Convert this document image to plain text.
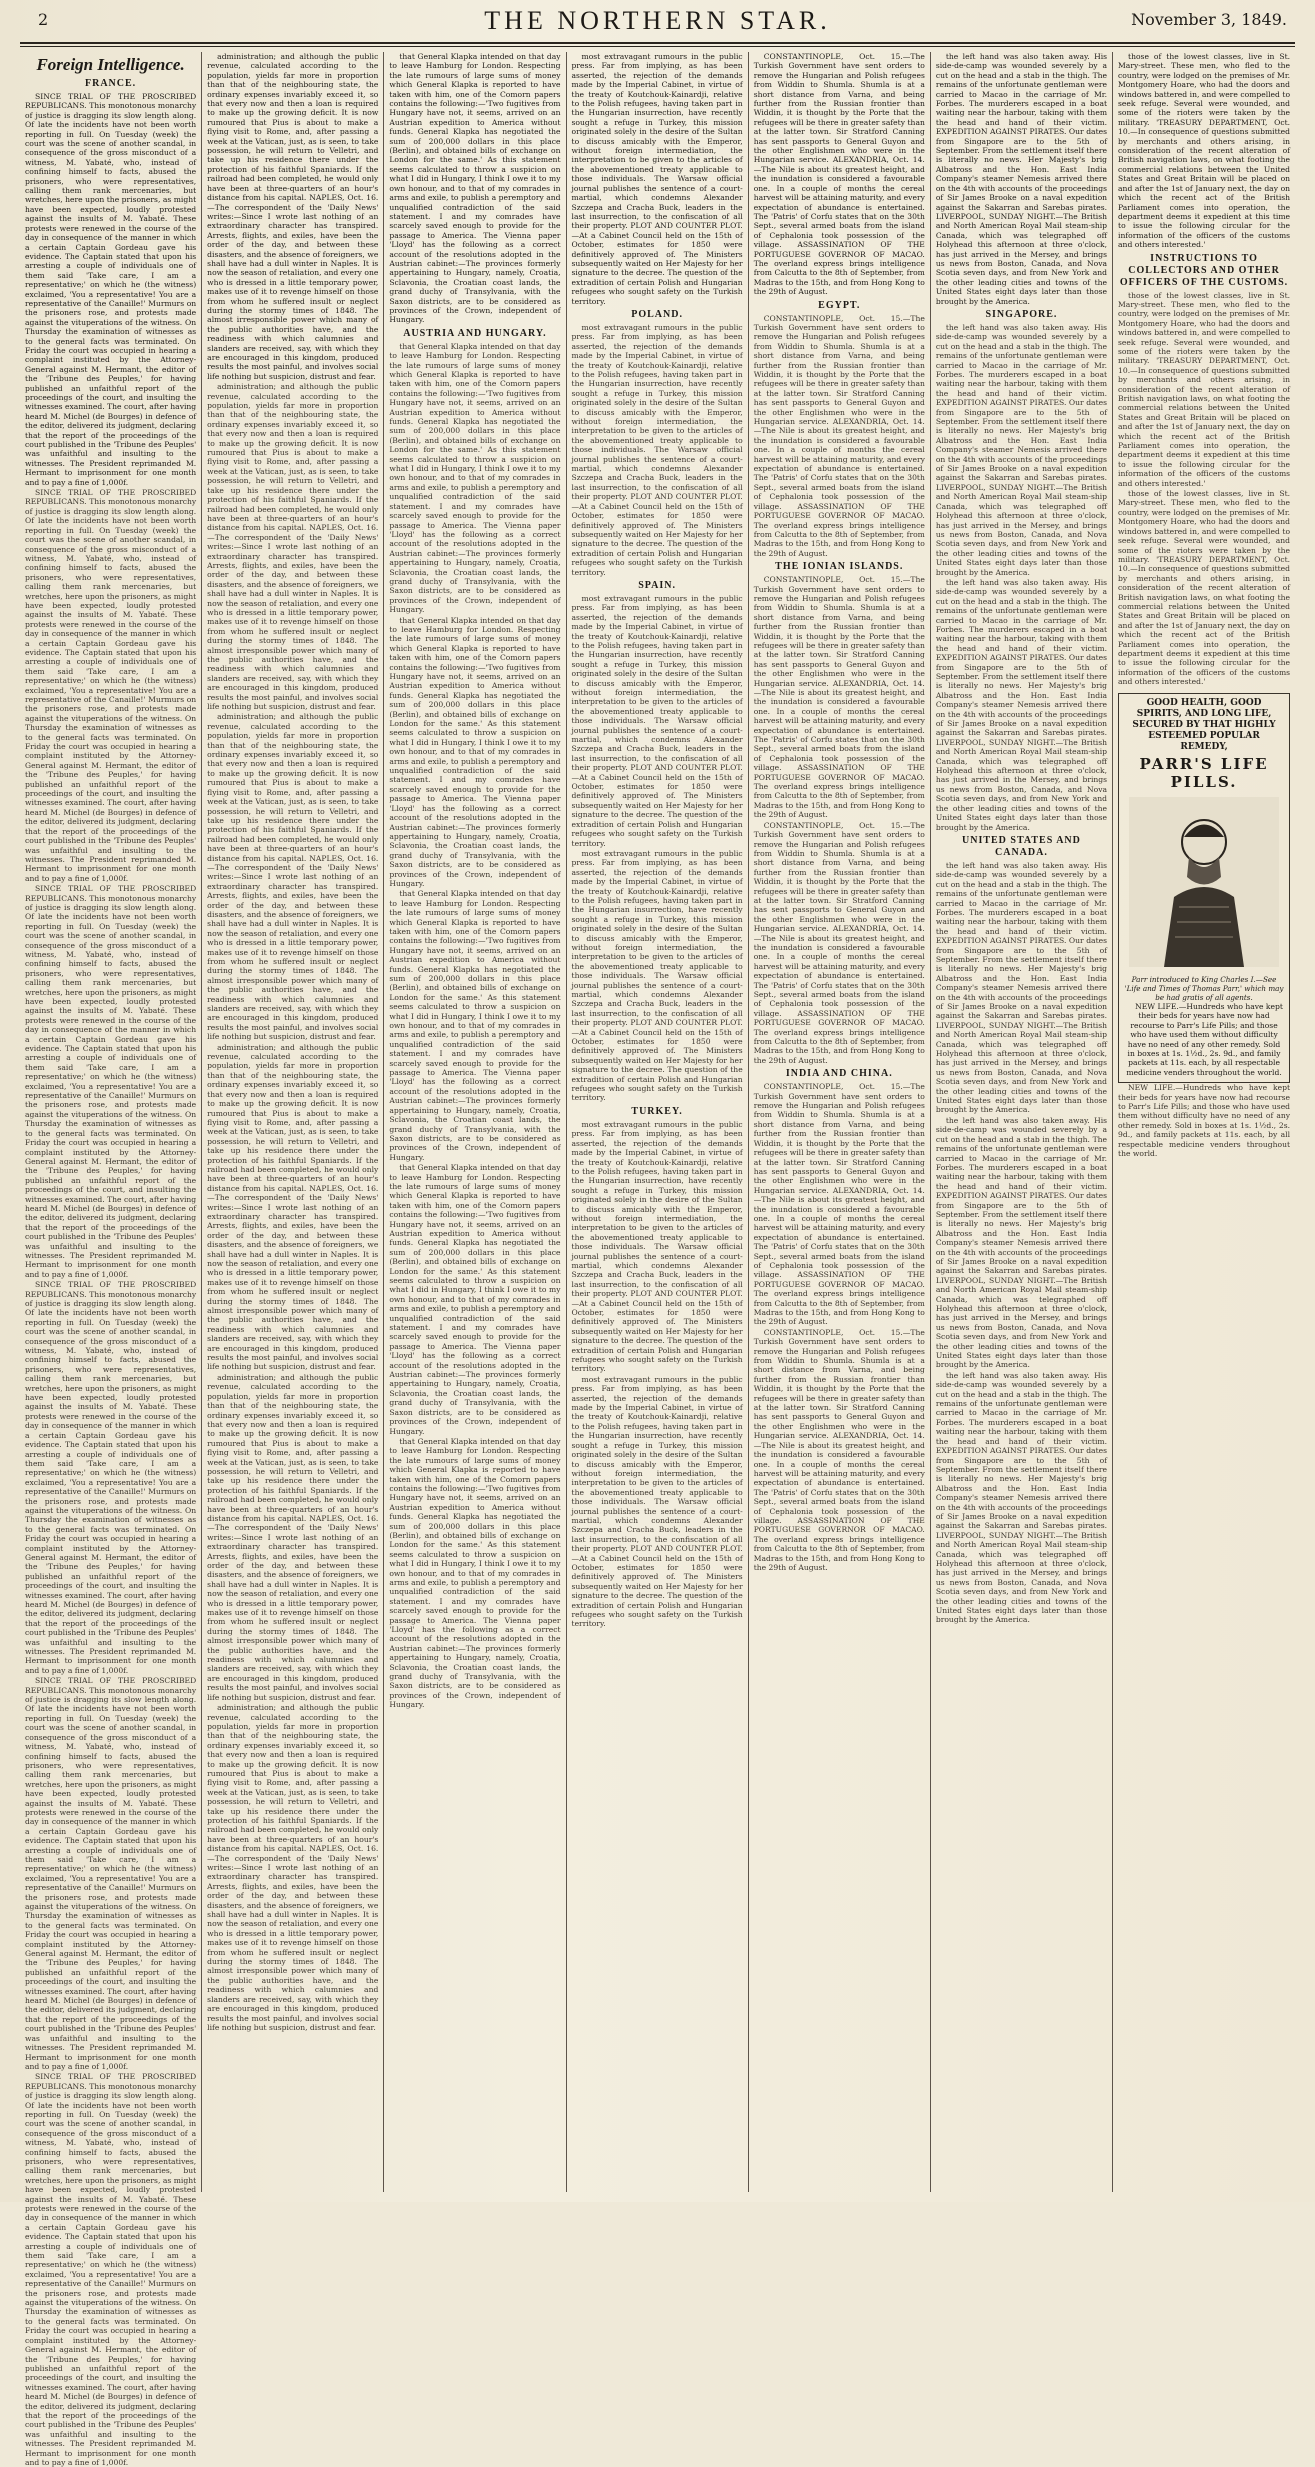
2	THE NORTHERN STAR.	November 3, 1849.
Foreign Intelligence.
FRANCE.

SINCE TRIAL OF THE PROSCRIBED REPUBLICANS. This monotonous monarchy of justice is dragging its slow length along. Of late the incidents have not been worth reporting in full. On Tuesday (week) the court was the scene of another scandal, in consequence of the gross misconduct of a witness, M. Yabaté, who, instead of confining himself to facts, abused the prisoners, who were representatives, calling them rank mercenaries, but wretches, here upon the prisoners, as might have been expected, loudly protested against the insults of M. Yabaté. These protests were renewed in the course of the day in consequence of the manner in which a certain Captain Gordeau gave his evidence. The Captain stated that upon his arresting a couple of individuals one of them said 'Take care, I am a representative;' on which he (the witness) exclaimed, 'You a representative! You are a representative of the Canaille!' Murmurs on the prisoners rose, and protests made against the vituperations of the witness. On Thursday the examination of witnesses as to the general facts was terminated. On Friday the court was occupied in hearing a complaint instituted by the Attorney-General against M. Hermant, the editor of the 'Tribune des Peuples,' for having published an unfaithful report of the proceedings of the court, and insulting the witnesses examined. The court, after having heard M. Michel (de Bourges) in defence of the editor, delivered its judgment, declaring that the report of the proceedings of the court published in the 'Tribune des Peuples' was unfaithful and insulting to the witnesses. The President reprimanded M. Hermant to imprisonment for one month and to pay a fine of 1,000f.

SINCE TRIAL OF THE PROSCRIBED REPUBLICANS. This monotonous monarchy of justice is dragging its slow length along. Of late the incidents have not been worth reporting in full. On Tuesday (week) the court was the scene of another scandal, in consequence of the gross misconduct of a witness, M. Yabaté, who, instead of confining himself to facts, abused the prisoners, who were representatives, calling them rank mercenaries, but wretches, here upon the prisoners, as might have been expected, loudly protested against the insults of M. Yabaté. These protests were renewed in the course of the day in consequence of the manner in which a certain Captain Gordeau gave his evidence. The Captain stated that upon his arresting a couple of individuals one of them said 'Take care, I am a representative;' on which he (the witness) exclaimed, 'You a representative! You are a representative of the Canaille!' Murmurs on the prisoners rose, and protests made against the vituperations of the witness. On Thursday the examination of witnesses as to the general facts was terminated. On Friday the court was occupied in hearing a complaint instituted by the Attorney-General against M. Hermant, the editor of the 'Tribune des Peuples,' for having published an unfaithful report of the proceedings of the court, and insulting the witnesses examined. The court, after having heard M. Michel (de Bourges) in defence of the editor, delivered its judgment, declaring that the report of the proceedings of the court published in the 'Tribune des Peuples' was unfaithful and insulting to the witnesses. The President reprimanded M. Hermant to imprisonment for one month and to pay a fine of 1,000f.

SINCE TRIAL OF THE PROSCRIBED REPUBLICANS. This monotonous monarchy of justice is dragging its slow length along. Of late the incidents have not been worth reporting in full. On Tuesday (week) the court was the scene of another scandal, in consequence of the gross misconduct of a witness, M. Yabaté, who, instead of confining himself to facts, abused the prisoners, who were representatives, calling them rank mercenaries, but wretches, here upon the prisoners, as might have been expected, loudly protested against the insults of M. Yabaté. These protests were renewed in the course of the day in consequence of the manner in which a certain Captain Gordeau gave his evidence. The Captain stated that upon his arresting a couple of individuals one of them said 'Take care, I am a representative;' on which he (the witness) exclaimed, 'You a representative! You are a representative of the Canaille!' Murmurs on the prisoners rose, and protests made against the vituperations of the witness. On Thursday the examination of witnesses as to the general facts was terminated. On Friday the court was occupied in hearing a complaint instituted by the Attorney-General against M. Hermant, the editor of the 'Tribune des Peuples,' for having published an unfaithful report of the proceedings of the court, and insulting the witnesses examined. The court, after having heard M. Michel (de Bourges) in defence of the editor, delivered its judgment, declaring that the report of the proceedings of the court published in the 'Tribune des Peuples' was unfaithful and insulting to the witnesses. The President reprimanded M. Hermant to imprisonment for one month and to pay a fine of 1,000f.

SINCE TRIAL OF THE PROSCRIBED REPUBLICANS. This monotonous monarchy of justice is dragging its slow length along. Of late the incidents have not been worth reporting in full. On Tuesday (week) the court was the scene of another scandal, in consequence of the gross misconduct of a witness, M. Yabaté, who, instead of confining himself to facts, abused the prisoners, who were representatives, calling them rank mercenaries, but wretches, here upon the prisoners, as might have been expected, loudly protested against the insults of M. Yabaté. These protests were renewed in the course of the day in consequence of the manner in which a certain Captain Gordeau gave his evidence. The Captain stated that upon his arresting a couple of individuals one of them said 'Take care, I am a representative;' on which he (the witness) exclaimed, 'You a representative! You are a representative of the Canaille!' Murmurs on the prisoners rose, and protests made against the vituperations of the witness. On Thursday the examination of witnesses as to the general facts was terminated. On Friday the court was occupied in hearing a complaint instituted by the Attorney-General against M. Hermant, the editor of the 'Tribune des Peuples,' for having published an unfaithful report of the proceedings of the court, and insulting the witnesses examined. The court, after having heard M. Michel (de Bourges) in defence of the editor, delivered its judgment, declaring that the report of the proceedings of the court published in the 'Tribune des Peuples' was unfaithful and insulting to the witnesses. The President reprimanded M. Hermant to imprisonment for one month and to pay a fine of 1,000f.

SINCE TRIAL OF THE PROSCRIBED REPUBLICANS. This monotonous monarchy of justice is dragging its slow length along. Of late the incidents have not been worth reporting in full. On Tuesday (week) the court was the scene of another scandal, in consequence of the gross misconduct of a witness, M. Yabaté, who, instead of confining himself to facts, abused the prisoners, who were representatives, calling them rank mercenaries, but wretches, here upon the prisoners, as might have been expected, loudly protested against the insults of M. Yabaté. These protests were renewed in the course of the day in consequence of the manner in which a certain Captain Gordeau gave his evidence. The Captain stated that upon his arresting a couple of individuals one of them said 'Take care, I am a representative;' on which he (the witness) exclaimed, 'You a representative! You are a representative of the Canaille!' Murmurs on the prisoners rose, and protests made against the vituperations of the witness. On Thursday the examination of witnesses as to the general facts was terminated. On Friday the court was occupied in hearing a complaint instituted by the Attorney-General against M. Hermant, the editor of the 'Tribune des Peuples,' for having published an unfaithful report of the proceedings of the court, and insulting the witnesses examined. The court, after having heard M. Michel (de Bourges) in defence of the editor, delivered its judgment, declaring that the report of the proceedings of the court published in the 'Tribune des Peuples' was unfaithful and insulting to the witnesses. The President reprimanded M. Hermant to imprisonment for one month and to pay a fine of 1,000f.

SINCE TRIAL OF THE PROSCRIBED REPUBLICANS. This monotonous monarchy of justice is dragging its slow length along. Of late the incidents have not been worth reporting in full. On Tuesday (week) the court was the scene of another scandal, in consequence of the gross misconduct of a witness, M. Yabaté, who, instead of confining himself to facts, abused the prisoners, who were representatives, calling them rank mercenaries, but wretches, here upon the prisoners, as might have been expected, loudly protested against the insults of M. Yabaté. These protests were renewed in the course of the day in consequence of the manner in which a certain Captain Gordeau gave his evidence. The Captain stated that upon his arresting a couple of individuals one of them said 'Take care, I am a representative;' on which he (the witness) exclaimed, 'You a representative! You are a representative of the Canaille!' Murmurs on the prisoners rose, and protests made against the vituperations of the witness. On Thursday the examination of witnesses as to the general facts was terminated. On Friday the court was occupied in hearing a complaint instituted by the Attorney-General against M. Hermant, the editor of the 'Tribune des Peuples,' for having published an unfaithful report of the proceedings of the court, and insulting the witnesses examined. The court, after having heard M. Michel (de Bourges) in defence of the editor, delivered its judgment, declaring that the report of the proceedings of the court published in the 'Tribune des Peuples' was unfaithful and insulting to the witnesses. The President reprimanded M. Hermant to imprisonment for one month and to pay a fine of 1,000f.

administration; and although the public revenue, calculated according to the population, yields far more in proportion than that of the neighbouring state, the ordinary expenses invariably exceed it, so that every now and then a loan is required to make up the growing deficit. It is now rumoured that Pius is about to make a flying visit to Rome, and, after passing a week at the Vatican, just, as is seen, to take possession, he will return to Velletri, and take up his residence there under the protection of his faithful Spaniards. If the railroad had been completed, he would only have been at three-quarters of an hour's distance from his capital. NAPLES, Oct. 16.—The correspondent of the 'Daily News' writes:—Since I wrote last nothing of an extraordinary character has transpired. Arrests, flights, and exiles, have been the order of the day, and between these disasters, and the absence of foreigners, we shall have had a dull winter in Naples. It is now the season of retaliation, and every one who is dressed in a little temporary power, makes use of it to revenge himself on those from whom he suffered insult or neglect during the stormy times of 1848. The almost irresponsible power which many of the public authorities have, and the readiness with which calumnies and slanders are received, say, with which they are encouraged in this kingdom, produced results the most painful, and involves social life nothing but suspicion, distrust and fear.

administration; and although the public revenue, calculated according to the population, yields far more in proportion than that of the neighbouring state, the ordinary expenses invariably exceed it, so that every now and then a loan is required to make up the growing deficit. It is now rumoured that Pius is about to make a flying visit to Rome, and, after passing a week at the Vatican, just, as is seen, to take possession, he will return to Velletri, and take up his residence there under the protection of his faithful Spaniards. If the railroad had been completed, he would only have been at three-quarters of an hour's distance from his capital. NAPLES, Oct. 16.—The correspondent of the 'Daily News' writes:—Since I wrote last nothing of an extraordinary character has transpired. Arrests, flights, and exiles, have been the order of the day, and between these disasters, and the absence of foreigners, we shall have had a dull winter in Naples. It is now the season of retaliation, and every one who is dressed in a little temporary power, makes use of it to revenge himself on those from whom he suffered insult or neglect during the stormy times of 1848. The almost irresponsible power which many of the public authorities have, and the readiness with which calumnies and slanders are received, say, with which they are encouraged in this kingdom, produced results the most painful, and involves social life nothing but suspicion, distrust and fear.

administration; and although the public revenue, calculated according to the population, yields far more in proportion than that of the neighbouring state, the ordinary expenses invariably exceed it, so that every now and then a loan is required to make up the growing deficit. It is now rumoured that Pius is about to make a flying visit to Rome, and, after passing a week at the Vatican, just, as is seen, to take possession, he will return to Velletri, and take up his residence there under the protection of his faithful Spaniards. If the railroad had been completed, he would only have been at three-quarters of an hour's distance from his capital. NAPLES, Oct. 16.—The correspondent of the 'Daily News' writes:—Since I wrote last nothing of an extraordinary character has transpired. Arrests, flights, and exiles, have been the order of the day, and between these disasters, and the absence of foreigners, we shall have had a dull winter in Naples. It is now the season of retaliation, and every one who is dressed in a little temporary power, makes use of it to revenge himself on those from whom he suffered insult or neglect during the stormy times of 1848. The almost irresponsible power which many of the public authorities have, and the readiness with which calumnies and slanders are received, say, with which they are encouraged in this kingdom, produced results the most painful, and involves social life nothing but suspicion, distrust and fear.

administration; and although the public revenue, calculated according to the population, yields far more in proportion than that of the neighbouring state, the ordinary expenses invariably exceed it, so that every now and then a loan is required to make up the growing deficit. It is now rumoured that Pius is about to make a flying visit to Rome, and, after passing a week at the Vatican, just, as is seen, to take possession, he will return to Velletri, and take up his residence there under the protection of his faithful Spaniards. If the railroad had been completed, he would only have been at three-quarters of an hour's distance from his capital. NAPLES, Oct. 16.—The correspondent of the 'Daily News' writes:—Since I wrote last nothing of an extraordinary character has transpired. Arrests, flights, and exiles, have been the order of the day, and between these disasters, and the absence of foreigners, we shall have had a dull winter in Naples. It is now the season of retaliation, and every one who is dressed in a little temporary power, makes use of it to revenge himself on those from whom he suffered insult or neglect during the stormy times of 1848. The almost irresponsible power which many of the public authorities have, and the readiness with which calumnies and slanders are received, say, with which they are encouraged in this kingdom, produced results the most painful, and involves social life nothing but suspicion, distrust and fear.

administration; and although the public revenue, calculated according to the population, yields far more in proportion than that of the neighbouring state, the ordinary expenses invariably exceed it, so that every now and then a loan is required to make up the growing deficit. It is now rumoured that Pius is about to make a flying visit to Rome, and, after passing a week at the Vatican, just, as is seen, to take possession, he will return to Velletri, and take up his residence there under the protection of his faithful Spaniards. If the railroad had been completed, he would only have been at three-quarters of an hour's distance from his capital. NAPLES, Oct. 16.—The correspondent of the 'Daily News' writes:—Since I wrote last nothing of an extraordinary character has transpired. Arrests, flights, and exiles, have been the order of the day, and between these disasters, and the absence of foreigners, we shall have had a dull winter in Naples. It is now the season of retaliation, and every one who is dressed in a little temporary power, makes use of it to revenge himself on those from whom he suffered insult or neglect during the stormy times of 1848. The almost irresponsible power which many of the public authorities have, and the readiness with which calumnies and slanders are received, say, with which they are encouraged in this kingdom, produced results the most painful, and involves social life nothing but suspicion, distrust and fear.

administration; and although the public revenue, calculated according to the population, yields far more in proportion than that of the neighbouring state, the ordinary expenses invariably exceed it, so that every now and then a loan is required to make up the growing deficit. It is now rumoured that Pius is about to make a flying visit to Rome, and, after passing a week at the Vatican, just, as is seen, to take possession, he will return to Velletri, and take up his residence there under the protection of his faithful Spaniards. If the railroad had been completed, he would only have been at three-quarters of an hour's distance from his capital. NAPLES, Oct. 16.—The correspondent of the 'Daily News' writes:—Since I wrote last nothing of an extraordinary character has transpired. Arrests, flights, and exiles, have been the order of the day, and between these disasters, and the absence of foreigners, we shall have had a dull winter in Naples. It is now the season of retaliation, and every one who is dressed in a little temporary power, makes use of it to revenge himself on those from whom he suffered insult or neglect during the stormy times of 1848. The almost irresponsible power which many of the public authorities have, and the readiness with which calumnies and slanders are received, say, with which they are encouraged in this kingdom, produced results the most painful, and involves social life nothing but suspicion, distrust and fear.

that General Klapka intended on that day to leave Hamburg for London. Respecting the late rumours of large sums of money which General Klapka is reported to have taken with him, one of the Comorn papers contains the following:—'Two fugitives from Hungary have not, it seems, arrived on an Austrian expedition to America without funds. General Klapka has negotiated the sum of 200,000 dollars in this place (Berlin), and obtained bills of exchange on London for the same.' As this statement seems calculated to throw a suspicion on what I did in Hungary, I think I owe it to my own honour, and to that of my comrades in arms and exile, to publish a peremptory and unqualified contradiction of the said statement. I and my comrades have scarcely saved enough to provide for the passage to America. The Vienna paper 'Lloyd' has the following as a correct account of the resolutions adopted in the Austrian cabinet:—The provinces formerly appertaining to Hungary, namely, Croatia, Sclavonia, the Croatian coast lands, the grand duchy of Transylvania, with the Saxon districts, are to be considered as provinces of the Crown, independent of Hungary.

AUSTRIA AND HUNGARY.

that General Klapka intended on that day to leave Hamburg for London. Respecting the late rumours of large sums of money which General Klapka is reported to have taken with him, one of the Comorn papers contains the following:—'Two fugitives from Hungary have not, it seems, arrived on an Austrian expedition to America without funds. General Klapka has negotiated the sum of 200,000 dollars in this place (Berlin), and obtained bills of exchange on London for the same.' As this statement seems calculated to throw a suspicion on what I did in Hungary, I think I owe it to my own honour, and to that of my comrades in arms and exile, to publish a peremptory and unqualified contradiction of the said statement. I and my comrades have scarcely saved enough to provide for the passage to America. The Vienna paper 'Lloyd' has the following as a correct account of the resolutions adopted in the Austrian cabinet:—The provinces formerly appertaining to Hungary, namely, Croatia, Sclavonia, the Croatian coast lands, the grand duchy of Transylvania, with the Saxon districts, are to be considered as provinces of the Crown, independent of Hungary.

that General Klapka intended on that day to leave Hamburg for London. Respecting the late rumours of large sums of money which General Klapka is reported to have taken with him, one of the Comorn papers contains the following:—'Two fugitives from Hungary have not, it seems, arrived on an Austrian expedition to America without funds. General Klapka has negotiated the sum of 200,000 dollars in this place (Berlin), and obtained bills of exchange on London for the same.' As this statement seems calculated to throw a suspicion on what I did in Hungary, I think I owe it to my own honour, and to that of my comrades in arms and exile, to publish a peremptory and unqualified contradiction of the said statement. I and my comrades have scarcely saved enough to provide for the passage to America. The Vienna paper 'Lloyd' has the following as a correct account of the resolutions adopted in the Austrian cabinet:—The provinces formerly appertaining to Hungary, namely, Croatia, Sclavonia, the Croatian coast lands, the grand duchy of Transylvania, with the Saxon districts, are to be considered as provinces of the Crown, independent of Hungary.

that General Klapka intended on that day to leave Hamburg for London. Respecting the late rumours of large sums of money which General Klapka is reported to have taken with him, one of the Comorn papers contains the following:—'Two fugitives from Hungary have not, it seems, arrived on an Austrian expedition to America without funds. General Klapka has negotiated the sum of 200,000 dollars in this place (Berlin), and obtained bills of exchange on London for the same.' As this statement seems calculated to throw a suspicion on what I did in Hungary, I think I owe it to my own honour, and to that of my comrades in arms and exile, to publish a peremptory and unqualified contradiction of the said statement. I and my comrades have scarcely saved enough to provide for the passage to America. The Vienna paper 'Lloyd' has the following as a correct account of the resolutions adopted in the Austrian cabinet:—The provinces formerly appertaining to Hungary, namely, Croatia, Sclavonia, the Croatian coast lands, the grand duchy of Transylvania, with the Saxon districts, are to be considered as provinces of the Crown, independent of Hungary.

that General Klapka intended on that day to leave Hamburg for London. Respecting the late rumours of large sums of money which General Klapka is reported to have taken with him, one of the Comorn papers contains the following:—'Two fugitives from Hungary have not, it seems, arrived on an Austrian expedition to America without funds. General Klapka has negotiated the sum of 200,000 dollars in this place (Berlin), and obtained bills of exchange on London for the same.' As this statement seems calculated to throw a suspicion on what I did in Hungary, I think I owe it to my own honour, and to that of my comrades in arms and exile, to publish a peremptory and unqualified contradiction of the said statement. I and my comrades have scarcely saved enough to provide for the passage to America. The Vienna paper 'Lloyd' has the following as a correct account of the resolutions adopted in the Austrian cabinet:—The provinces formerly appertaining to Hungary, namely, Croatia, Sclavonia, the Croatian coast lands, the grand duchy of Transylvania, with the Saxon districts, are to be considered as provinces of the Crown, independent of Hungary.

that General Klapka intended on that day to leave Hamburg for London. Respecting the late rumours of large sums of money which General Klapka is reported to have taken with him, one of the Comorn papers contains the following:—'Two fugitives from Hungary have not, it seems, arrived on an Austrian expedition to America without funds. General Klapka has negotiated the sum of 200,000 dollars in this place (Berlin), and obtained bills of exchange on London for the same.' As this statement seems calculated to throw a suspicion on what I did in Hungary, I think I owe it to my own honour, and to that of my comrades in arms and exile, to publish a peremptory and unqualified contradiction of the said statement. I and my comrades have scarcely saved enough to provide for the passage to America. The Vienna paper 'Lloyd' has the following as a correct account of the resolutions adopted in the Austrian cabinet:—The provinces formerly appertaining to Hungary, namely, Croatia, Sclavonia, the Croatian coast lands, the grand duchy of Transylvania, with the Saxon districts, are to be considered as provinces of the Crown, independent of Hungary.

most extravagant rumours in the public press. Far from implying, as has been asserted, the rejection of the demands made by the Imperial Cabinet, in virtue of the treaty of Koutchouk-Kainardji, relative to the Polish refugees, having taken part in the Hungarian insurrection, have recently sought a refuge in Turkey, this mission originated solely in the desire of the Sultan to discuss amicably with the Emperor, without foreign intermediation, the interpretation to be given to the articles of the abovementioned treaty applicable to those individuals. The Warsaw official journal publishes the sentence of a court-martial, which condemns Alexander Szczepa and Cracha Buck, leaders in the last insurrection, to the confiscation of all their property. PLOT AND COUNTER PLOT.—At a Cabinet Council held on the 15th of October, estimates for 1850 were definitively approved of. The Ministers subsequently waited on Her Majesty for her signature to the decree. The question of the extradition of certain Polish and Hungarian refugees who sought safety on the Turkish territory.

POLAND.

most extravagant rumours in the public press. Far from implying, as has been asserted, the rejection of the demands made by the Imperial Cabinet, in virtue of the treaty of Koutchouk-Kainardji, relative to the Polish refugees, having taken part in the Hungarian insurrection, have recently sought a refuge in Turkey, this mission originated solely in the desire of the Sultan to discuss amicably with the Emperor, without foreign intermediation, the interpretation to be given to the articles of the abovementioned treaty applicable to those individuals. The Warsaw official journal publishes the sentence of a court-martial, which condemns Alexander Szczepa and Cracha Buck, leaders in the last insurrection, to the confiscation of all their property. PLOT AND COUNTER PLOT.—At a Cabinet Council held on the 15th of October, estimates for 1850 were definitively approved of. The Ministers subsequently waited on Her Majesty for her signature to the decree. The question of the extradition of certain Polish and Hungarian refugees who sought safety on the Turkish territory.

SPAIN.

most extravagant rumours in the public press. Far from implying, as has been asserted, the rejection of the demands made by the Imperial Cabinet, in virtue of the treaty of Koutchouk-Kainardji, relative to the Polish refugees, having taken part in the Hungarian insurrection, have recently sought a refuge in Turkey, this mission originated solely in the desire of the Sultan to discuss amicably with the Emperor, without foreign intermediation, the interpretation to be given to the articles of the abovementioned treaty applicable to those individuals. The Warsaw official journal publishes the sentence of a court-martial, which condemns Alexander Szczepa and Cracha Buck, leaders in the last insurrection, to the confiscation of all their property. PLOT AND COUNTER PLOT.—At a Cabinet Council held on the 15th of October, estimates for 1850 were definitively approved of. The Ministers subsequently waited on Her Majesty for her signature to the decree. The question of the extradition of certain Polish and Hungarian refugees who sought safety on the Turkish territory.

most extravagant rumours in the public press. Far from implying, as has been asserted, the rejection of the demands made by the Imperial Cabinet, in virtue of the treaty of Koutchouk-Kainardji, relative to the Polish refugees, having taken part in the Hungarian insurrection, have recently sought a refuge in Turkey, this mission originated solely in the desire of the Sultan to discuss amicably with the Emperor, without foreign intermediation, the interpretation to be given to the articles of the abovementioned treaty applicable to those individuals. The Warsaw official journal publishes the sentence of a court-martial, which condemns Alexander Szczepa and Cracha Buck, leaders in the last insurrection, to the confiscation of all their property. PLOT AND COUNTER PLOT.—At a Cabinet Council held on the 15th of October, estimates for 1850 were definitively approved of. The Ministers subsequently waited on Her Majesty for her signature to the decree. The question of the extradition of certain Polish and Hungarian refugees who sought safety on the Turkish territory.

TURKEY.

most extravagant rumours in the public press. Far from implying, as has been asserted, the rejection of the demands made by the Imperial Cabinet, in virtue of the treaty of Koutchouk-Kainardji, relative to the Polish refugees, having taken part in the Hungarian insurrection, have recently sought a refuge in Turkey, this mission originated solely in the desire of the Sultan to discuss amicably with the Emperor, without foreign intermediation, the interpretation to be given to the articles of the abovementioned treaty applicable to those individuals. The Warsaw official journal publishes the sentence of a court-martial, which condemns Alexander Szczepa and Cracha Buck, leaders in the last insurrection, to the confiscation of all their property. PLOT AND COUNTER PLOT.—At a Cabinet Council held on the 15th of October, estimates for 1850 were definitively approved of. The Ministers subsequently waited on Her Majesty for her signature to the decree. The question of the extradition of certain Polish and Hungarian refugees who sought safety on the Turkish territory.

most extravagant rumours in the public press. Far from implying, as has been asserted, the rejection of the demands made by the Imperial Cabinet, in virtue of the treaty of Koutchouk-Kainardji, relative to the Polish refugees, having taken part in the Hungarian insurrection, have recently sought a refuge in Turkey, this mission originated solely in the desire of the Sultan to discuss amicably with the Emperor, without foreign intermediation, the interpretation to be given to the articles of the abovementioned treaty applicable to those individuals. The Warsaw official journal publishes the sentence of a court-martial, which condemns Alexander Szczepa and Cracha Buck, leaders in the last insurrection, to the confiscation of all their property. PLOT AND COUNTER PLOT.—At a Cabinet Council held on the 15th of October, estimates for 1850 were definitively approved of. The Ministers subsequently waited on Her Majesty for her signature to the decree. The question of the extradition of certain Polish and Hungarian refugees who sought safety on the Turkish territory.

CONSTANTINOPLE, Oct. 15.—The Turkish Government have sent orders to remove the Hungarian and Polish refugees from Widdin to Shumla. Shumla is at a short distance from Varna, and being further from the Russian frontier than Widdin, it is thought by the Porte that the refugees will be there in greater safety than at the latter town. Sir Stratford Canning has sent passports to General Guyon and the other Englishmen who were in the Hungarian service. ALEXANDRIA, Oct. 14.—The Nile is about its greatest height, and the inundation is considered a favourable one. In a couple of months the cereal harvest will be attaining maturity, and every expectation of abundance is entertained. The 'Patris' of Corfu states that on the 30th Sept., several armed boats from the island of Cephalonia took possession of the village. ASSASSINATION OF THE PORTUGUESE GOVERNOR OF MACAO. The overland express brings intelligence from Calcutta to the 8th of September, from Madras to the 15th, and from Hong Kong to the 29th of August.

EGYPT.

CONSTANTINOPLE, Oct. 15.—The Turkish Government have sent orders to remove the Hungarian and Polish refugees from Widdin to Shumla. Shumla is at a short distance from Varna, and being further from the Russian frontier than Widdin, it is thought by the Porte that the refugees will be there in greater safety than at the latter town. Sir Stratford Canning has sent passports to General Guyon and the other Englishmen who were in the Hungarian service. ALEXANDRIA, Oct. 14.—The Nile is about its greatest height, and the inundation is considered a favourable one. In a couple of months the cereal harvest will be attaining maturity, and every expectation of abundance is entertained. The 'Patris' of Corfu states that on the 30th Sept., several armed boats from the island of Cephalonia took possession of the village. ASSASSINATION OF THE PORTUGUESE GOVERNOR OF MACAO. The overland express brings intelligence from Calcutta to the 8th of September, from Madras to the 15th, and from Hong Kong to the 29th of August.

THE IONIAN ISLANDS.

CONSTANTINOPLE, Oct. 15.—The Turkish Government have sent orders to remove the Hungarian and Polish refugees from Widdin to Shumla. Shumla is at a short distance from Varna, and being further from the Russian frontier than Widdin, it is thought by the Porte that the refugees will be there in greater safety than at the latter town. Sir Stratford Canning has sent passports to General Guyon and the other Englishmen who were in the Hungarian service. ALEXANDRIA, Oct. 14.—The Nile is about its greatest height, and the inundation is considered a favourable one. In a couple of months the cereal harvest will be attaining maturity, and every expectation of abundance is entertained. The 'Patris' of Corfu states that on the 30th Sept., several armed boats from the island of Cephalonia took possession of the village. ASSASSINATION OF THE PORTUGUESE GOVERNOR OF MACAO. The overland express brings intelligence from Calcutta to the 8th of September, from Madras to the 15th, and from Hong Kong to the 29th of August.

CONSTANTINOPLE, Oct. 15.—The Turkish Government have sent orders to remove the Hungarian and Polish refugees from Widdin to Shumla. Shumla is at a short distance from Varna, and being further from the Russian frontier than Widdin, it is thought by the Porte that the refugees will be there in greater safety than at the latter town. Sir Stratford Canning has sent passports to General Guyon and the other Englishmen who were in the Hungarian service. ALEXANDRIA, Oct. 14.—The Nile is about its greatest height, and the inundation is considered a favourable one. In a couple of months the cereal harvest will be attaining maturity, and every expectation of abundance is entertained. The 'Patris' of Corfu states that on the 30th Sept., several armed boats from the island of Cephalonia took possession of the village. ASSASSINATION OF THE PORTUGUESE GOVERNOR OF MACAO. The overland express brings intelligence from Calcutta to the 8th of September, from Madras to the 15th, and from Hong Kong to the 29th of August.

INDIA AND CHINA.

CONSTANTINOPLE, Oct. 15.—The Turkish Government have sent orders to remove the Hungarian and Polish refugees from Widdin to Shumla. Shumla is at a short distance from Varna, and being further from the Russian frontier than Widdin, it is thought by the Porte that the refugees will be there in greater safety than at the latter town. Sir Stratford Canning has sent passports to General Guyon and the other Englishmen who were in the Hungarian service. ALEXANDRIA, Oct. 14.—The Nile is about its greatest height, and the inundation is considered a favourable one. In a couple of months the cereal harvest will be attaining maturity, and every expectation of abundance is entertained. The 'Patris' of Corfu states that on the 30th Sept., several armed boats from the island of Cephalonia took possession of the village. ASSASSINATION OF THE PORTUGUESE GOVERNOR OF MACAO. The overland express brings intelligence from Calcutta to the 8th of September, from Madras to the 15th, and from Hong Kong to the 29th of August.

CONSTANTINOPLE, Oct. 15.—The Turkish Government have sent orders to remove the Hungarian and Polish refugees from Widdin to Shumla. Shumla is at a short distance from Varna, and being further from the Russian frontier than Widdin, it is thought by the Porte that the refugees will be there in greater safety than at the latter town. Sir Stratford Canning has sent passports to General Guyon and the other Englishmen who were in the Hungarian service. ALEXANDRIA, Oct. 14.—The Nile is about its greatest height, and the inundation is considered a favourable one. In a couple of months the cereal harvest will be attaining maturity, and every expectation of abundance is entertained. The 'Patris' of Corfu states that on the 30th Sept., several armed boats from the island of Cephalonia took possession of the village. ASSASSINATION OF THE PORTUGUESE GOVERNOR OF MACAO. The overland express brings intelligence from Calcutta to the 8th of September, from Madras to the 15th, and from Hong Kong to the 29th of August.

the left hand was also taken away. His side-de-camp was wounded severely by a cut on the head and a stab in the thigh. The remains of the unfortunate gentleman were carried to Macao in the carriage of Mr. Forbes. The murderers escaped in a boat waiting near the harbour, taking with them the head and hand of their victim. EXPEDITION AGAINST PIRATES. Our dates from Singapore are to the 5th of September. From the settlement itself there is literally no news. Her Majesty's brig Albatross and the Hon. East India Company's steamer Nemesis arrived there on the 4th with accounts of the proceedings of Sir James Brooke on a naval expedition against the Sakarran and Sarebas pirates. LIVERPOOL, SUNDAY NIGHT.—The British and North American Royal Mail steam-ship Canada, which was telegraphed off Holyhead this afternoon at three o'clock, has just arrived in the Mersey, and brings us news from Boston, Canada, and Nova Scotia seven days, and from New York and the other leading cities and towns of the United States eight days later than those brought by the America.

SINGAPORE.

the left hand was also taken away. His side-de-camp was wounded severely by a cut on the head and a stab in the thigh. The remains of the unfortunate gentleman were carried to Macao in the carriage of Mr. Forbes. The murderers escaped in a boat waiting near the harbour, taking with them the head and hand of their victim. EXPEDITION AGAINST PIRATES. Our dates from Singapore are to the 5th of September. From the settlement itself there is literally no news. Her Majesty's brig Albatross and the Hon. East India Company's steamer Nemesis arrived there on the 4th with accounts of the proceedings of Sir James Brooke on a naval expedition against the Sakarran and Sarebas pirates. LIVERPOOL, SUNDAY NIGHT.—The British and North American Royal Mail steam-ship Canada, which was telegraphed off Holyhead this afternoon at three o'clock, has just arrived in the Mersey, and brings us news from Boston, Canada, and Nova Scotia seven days, and from New York and the other leading cities and towns of the United States eight days later than those brought by the America.

the left hand was also taken away. His side-de-camp was wounded severely by a cut on the head and a stab in the thigh. The remains of the unfortunate gentleman were carried to Macao in the carriage of Mr. Forbes. The murderers escaped in a boat waiting near the harbour, taking with them the head and hand of their victim. EXPEDITION AGAINST PIRATES. Our dates from Singapore are to the 5th of September. From the settlement itself there is literally no news. Her Majesty's brig Albatross and the Hon. East India Company's steamer Nemesis arrived there on the 4th with accounts of the proceedings of Sir James Brooke on a naval expedition against the Sakarran and Sarebas pirates. LIVERPOOL, SUNDAY NIGHT.—The British and North American Royal Mail steam-ship Canada, which was telegraphed off Holyhead this afternoon at three o'clock, has just arrived in the Mersey, and brings us news from Boston, Canada, and Nova Scotia seven days, and from New York and the other leading cities and towns of the United States eight days later than those brought by the America.

UNITED STATES AND CANADA.

the left hand was also taken away. His side-de-camp was wounded severely by a cut on the head and a stab in the thigh. The remains of the unfortunate gentleman were carried to Macao in the carriage of Mr. Forbes. The murderers escaped in a boat waiting near the harbour, taking with them the head and hand of their victim. EXPEDITION AGAINST PIRATES. Our dates from Singapore are to the 5th of September. From the settlement itself there is literally no news. Her Majesty's brig Albatross and the Hon. East India Company's steamer Nemesis arrived there on the 4th with accounts of the proceedings of Sir James Brooke on a naval expedition against the Sakarran and Sarebas pirates. LIVERPOOL, SUNDAY NIGHT.—The British and North American Royal Mail steam-ship Canada, which was telegraphed off Holyhead this afternoon at three o'clock, has just arrived in the Mersey, and brings us news from Boston, Canada, and Nova Scotia seven days, and from New York and the other leading cities and towns of the United States eight days later than those brought by the America.

the left hand was also taken away. His side-de-camp was wounded severely by a cut on the head and a stab in the thigh. The remains of the unfortunate gentleman were carried to Macao in the carriage of Mr. Forbes. The murderers escaped in a boat waiting near the harbour, taking with them the head and hand of their victim. EXPEDITION AGAINST PIRATES. Our dates from Singapore are to the 5th of September. From the settlement itself there is literally no news. Her Majesty's brig Albatross and the Hon. East India Company's steamer Nemesis arrived there on the 4th with accounts of the proceedings of Sir James Brooke on a naval expedition against the Sakarran and Sarebas pirates. LIVERPOOL, SUNDAY NIGHT.—The British and North American Royal Mail steam-ship Canada, which was telegraphed off Holyhead this afternoon at three o'clock, has just arrived in the Mersey, and brings us news from Boston, Canada, and Nova Scotia seven days, and from New York and the other leading cities and towns of the United States eight days later than those brought by the America.

the left hand was also taken away. His side-de-camp was wounded severely by a cut on the head and a stab in the thigh. The remains of the unfortunate gentleman were carried to Macao in the carriage of Mr. Forbes. The murderers escaped in a boat waiting near the harbour, taking with them the head and hand of their victim. EXPEDITION AGAINST PIRATES. Our dates from Singapore are to the 5th of September. From the settlement itself there is literally no news. Her Majesty's brig Albatross and the Hon. East India Company's steamer Nemesis arrived there on the 4th with accounts of the proceedings of Sir James Brooke on a naval expedition against the Sakarran and Sarebas pirates. LIVERPOOL, SUNDAY NIGHT.—The British and North American Royal Mail steam-ship Canada, which was telegraphed off Holyhead this afternoon at three o'clock, has just arrived in the Mersey, and brings us news from Boston, Canada, and Nova Scotia seven days, and from New York and the other leading cities and towns of the United States eight days later than those brought by the America.

those of the lowest classes, live in St. Mary-street. These men, who fled to the country, were lodged on the premises of Mr. Montgomery Hoare, who had the doors and windows battered in, and were compelled to seek refuge. Several were wounded, and some of the rioters were taken by the military. 'TREASURY DEPARTMENT, Oct. 10.—In consequence of questions submitted by merchants and others arising, in consideration of the recent alteration of British navigation laws, on what footing the commercial relations between the United States and Great Britain will be placed on and after the 1st of January next, the day on which the recent act of the British Parliament comes into operation, the department deems it expedient at this time to issue the following circular for the information of the officers of the customs and others interested.'

INSTRUCTIONS TO COLLECTORS AND OTHER OFFICERS OF THE CUSTOMS.

those of the lowest classes, live in St. Mary-street. These men, who fled to the country, were lodged on the premises of Mr. Montgomery Hoare, who had the doors and windows battered in, and were compelled to seek refuge. Several were wounded, and some of the rioters were taken by the military. 'TREASURY DEPARTMENT, Oct. 10.—In consequence of questions submitted by merchants and others arising, in consideration of the recent alteration of British navigation laws, on what footing the commercial relations between the United States and Great Britain will be placed on and after the 1st of January next, the day on which the recent act of the British Parliament comes into operation, the department deems it expedient at this time to issue the following circular for the information of the officers of the customs and others interested.'

those of the lowest classes, live in St. Mary-street. These men, who fled to the country, were lodged on the premises of Mr. Montgomery Hoare, who had the doors and windows battered in, and were compelled to seek refuge. Several were wounded, and some of the rioters were taken by the military. 'TREASURY DEPARTMENT, Oct. 10.—In consequence of questions submitted by merchants and others arising, in consideration of the recent alteration of British navigation laws, on what footing the commercial relations between the United States and Great Britain will be placed on and after the 1st of January next, the day on which the recent act of the British Parliament comes into operation, the department deems it expedient at this time to issue the following circular for the information of the officers of the customs and others interested.'

GOOD HEALTH, GOOD SPIRITS, AND LONG LIFE, SECURED BY THAT HIGHLY ESTEEMED POPULAR REMEDY,
PARR'S LIFE PILLS.
Parr introduced to King Charles I.—See 'Life and Times of Thomas Parr,' which may be had gratis of all agents.

NEW LIFE.—Hundreds who have kept their beds for years have now had recourse to Parr's Life Pills; and those who have used them without difficulty have no need of any other remedy. Sold in boxes at 1s. 1½d., 2s. 9d., and family packets at 11s. each, by all respectable medicine venders throughout the world.

NEW LIFE.—Hundreds who have kept their beds for years have now had recourse to Parr's Life Pills; and those who have used them without difficulty have no need of any other remedy. Sold in boxes at 1s. 1½d., 2s. 9d., and family packets at 11s. each, by all respectable medicine venders throughout the world.
